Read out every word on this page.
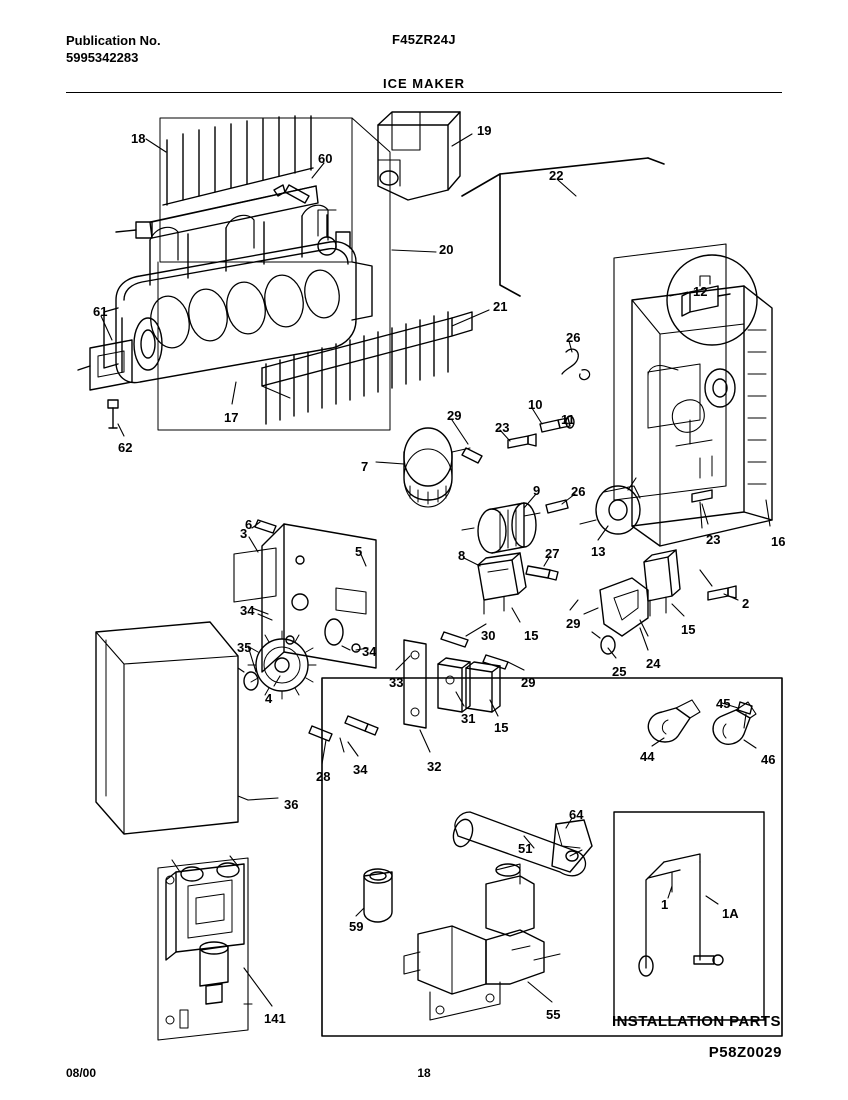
Publication No.
5995342283
F45ZR24J
ICE MAKER
18
60
19
22
20
12
21
61
26
17
62
29
23
10
11
7
9 26
13
23	16
6
3
5	8	27
2
34
35
15
30
29	15
34
25
24
4
33	29
45
31
15
32
28 34
44	46
36
64
51
1
1A
59
55
141	INSTALLATION PARTS
08/00	18
P58Z0029
